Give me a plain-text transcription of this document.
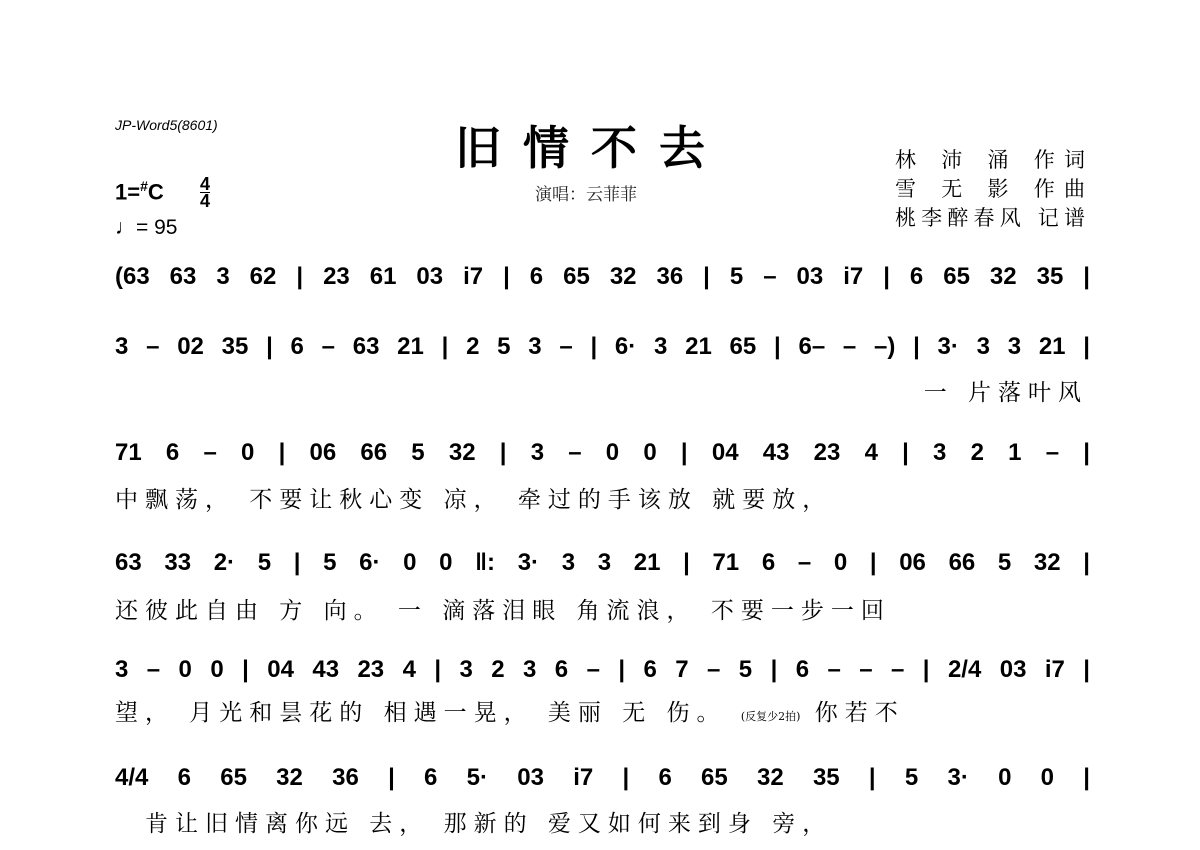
JP-Word5(8601)	旧情不去
演唱：云菲菲
林 沛 涌 作词
雪 无 影 作曲
桃李醉春风 记谱
$1=^{\#}C \frac{4}{4}$
♩= 95
(63 63 3 62 | 23 61 03 i7 | 6 65 32 36 | 5 – 03 i7 | 6 65 32 35 |
3 – 02 35 | 6 – 63 21 | 2 5 3 – | 6· 3 21 65 | 6– – –) | 3· 3 3 21 |
一 片落叶风
71 6 – 0 | 06 66 5 32 | 3 – 0 0 | 04 43 23 4 | 3 2 1 – |
中飘荡， 不要让秋心变 凉， 牵过的手该放 就要放，
63 33 2· 5 | 5 6· 0 0 ‖: 3· 3 3 21 | 71 6 – 0 | 06 66 5 32 |
还彼此自由 方 向。 一 滴落泪眼 角流浪， 不要一步一回
3 – 0 0 | 04 43 23 4 | 3 2 3 6 – | 6 7 – 5 | 6 – – – | 2/4 03 i7 |
望， 月光和昙花的 相遇一晃， 美丽 无 伤。 (反复少2拍) 你若不
4/4 6 65 32 36 | 6 5· 03 i7 | 6 65 32 35 | 5 3· 0 0 |
肯让旧情离你远 去， 那新的 爱又如何来到身 旁，
